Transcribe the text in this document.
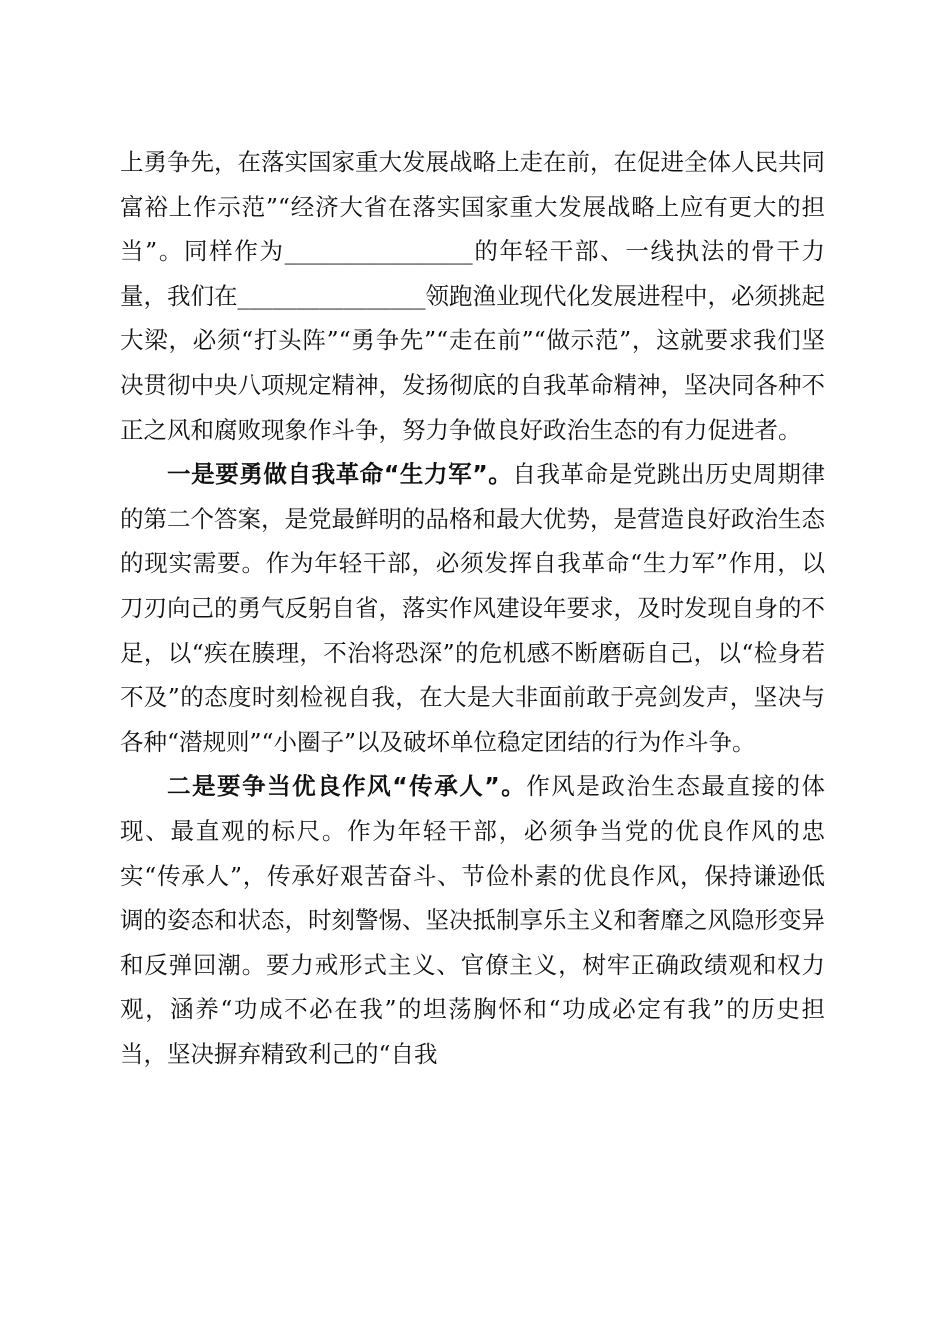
上勇争先，在落实国家重大发展战略上走在前，在促进全体人民共同富裕上作示范”“经济大省在落实国家重大发展战略上应有更大的担当”。同样作为________________的年轻干部、一线执法的骨干力量，我们在________________领跑渔业现代化发展进程中，必须挑起大梁，必须“打头阵”“勇争先”“走在前”“做示范”，这就要求我们坚决贯彻中央八项规定精神，发扬彻底的自我革命精神，坚决同各种不正之风和腐败现象作斗争，努力争做良好政治生态的有力促进者。

一是要勇做自我革命“生力军”。自我革命是党跳出历史周期律的第二个答案，是党最鲜明的品格和最大优势，是营造良好政治生态的现实需要。作为年轻干部，必须发挥自我革命“生力军”作用，以刀刃向己的勇气反躬自省，落实作风建设年要求，及时发现自身的不足，以“疾在腠理，不治将恐深”的危机感不断磨砺自己，以“检身若不及”的态度时刻检视自我，在大是大非面前敢于亮剑发声，坚决与各种“潜规则”“小圈子”以及破坏单位稳定团结的行为作斗争。

二是要争当优良作风“传承人”。作风是政治生态最直接的体现、最直观的标尺。作为年轻干部，必须争当党的优良作风的忠实“传承人”，传承好艰苦奋斗、节俭朴素的优良作风，保持谦逊低调的姿态和状态，时刻警惕、坚决抵制享乐主义和奢靡之风隐形变异和反弹回潮。要力戒形式主义、官僚主义，树牢正确政绩观和权力观，涵养“功成不必在我”的坦荡胸怀和“功成必定有我”的历史担当，坚决摒弃精致利己的“自我
